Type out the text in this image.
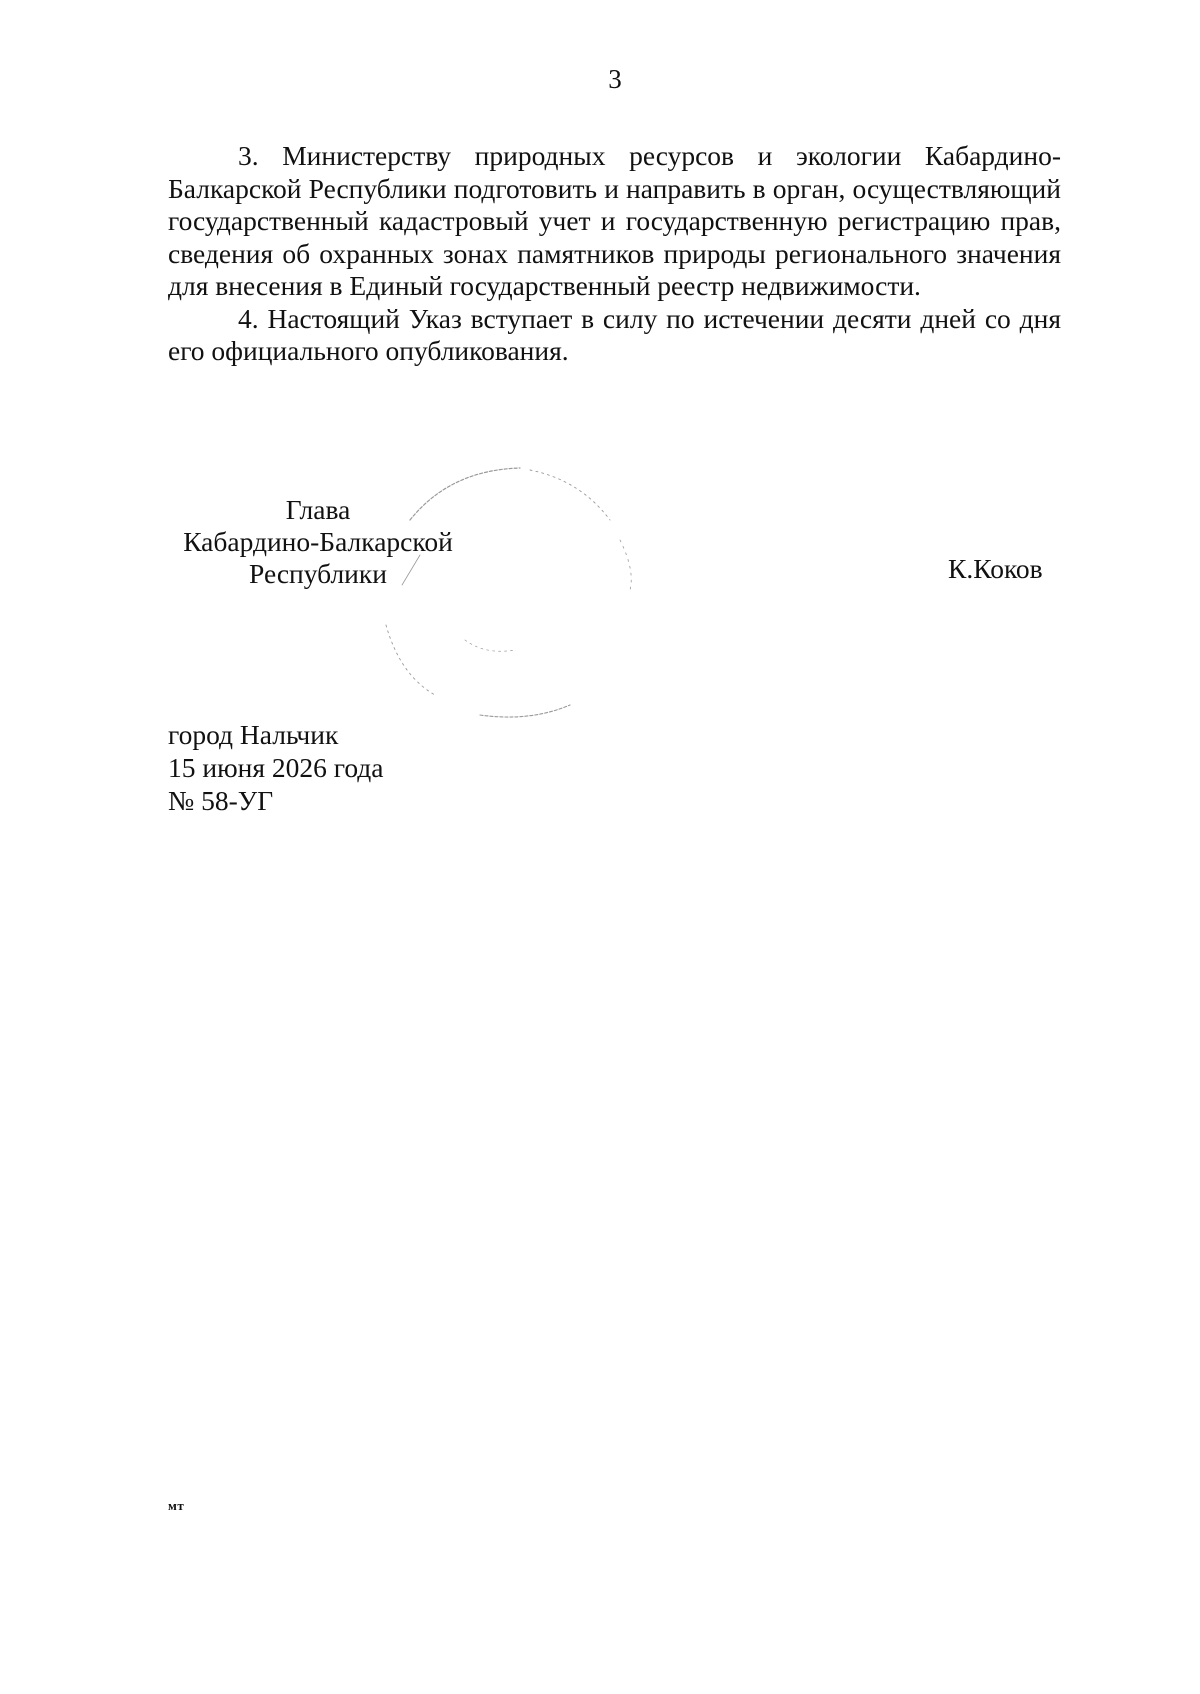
3

3. Министерству природных ресурсов и экологии Кабардино-Балкарской Республики подготовить и направить в орган, осуществляющий государственный кадастровый учет и государственную регистрацию прав, сведения об охранных зонах памятников природы регионального значения для внесения в Единый государственный реестр недвижимости.

4. Настоящий Указ вступает в силу по истечении десяти дней со дня его официального опубликования.

Глава
Кабардино-Балкарской
Республики	К.Коков
город Нальчик
15 июня 2026 года
№ 58-УГ
мт
